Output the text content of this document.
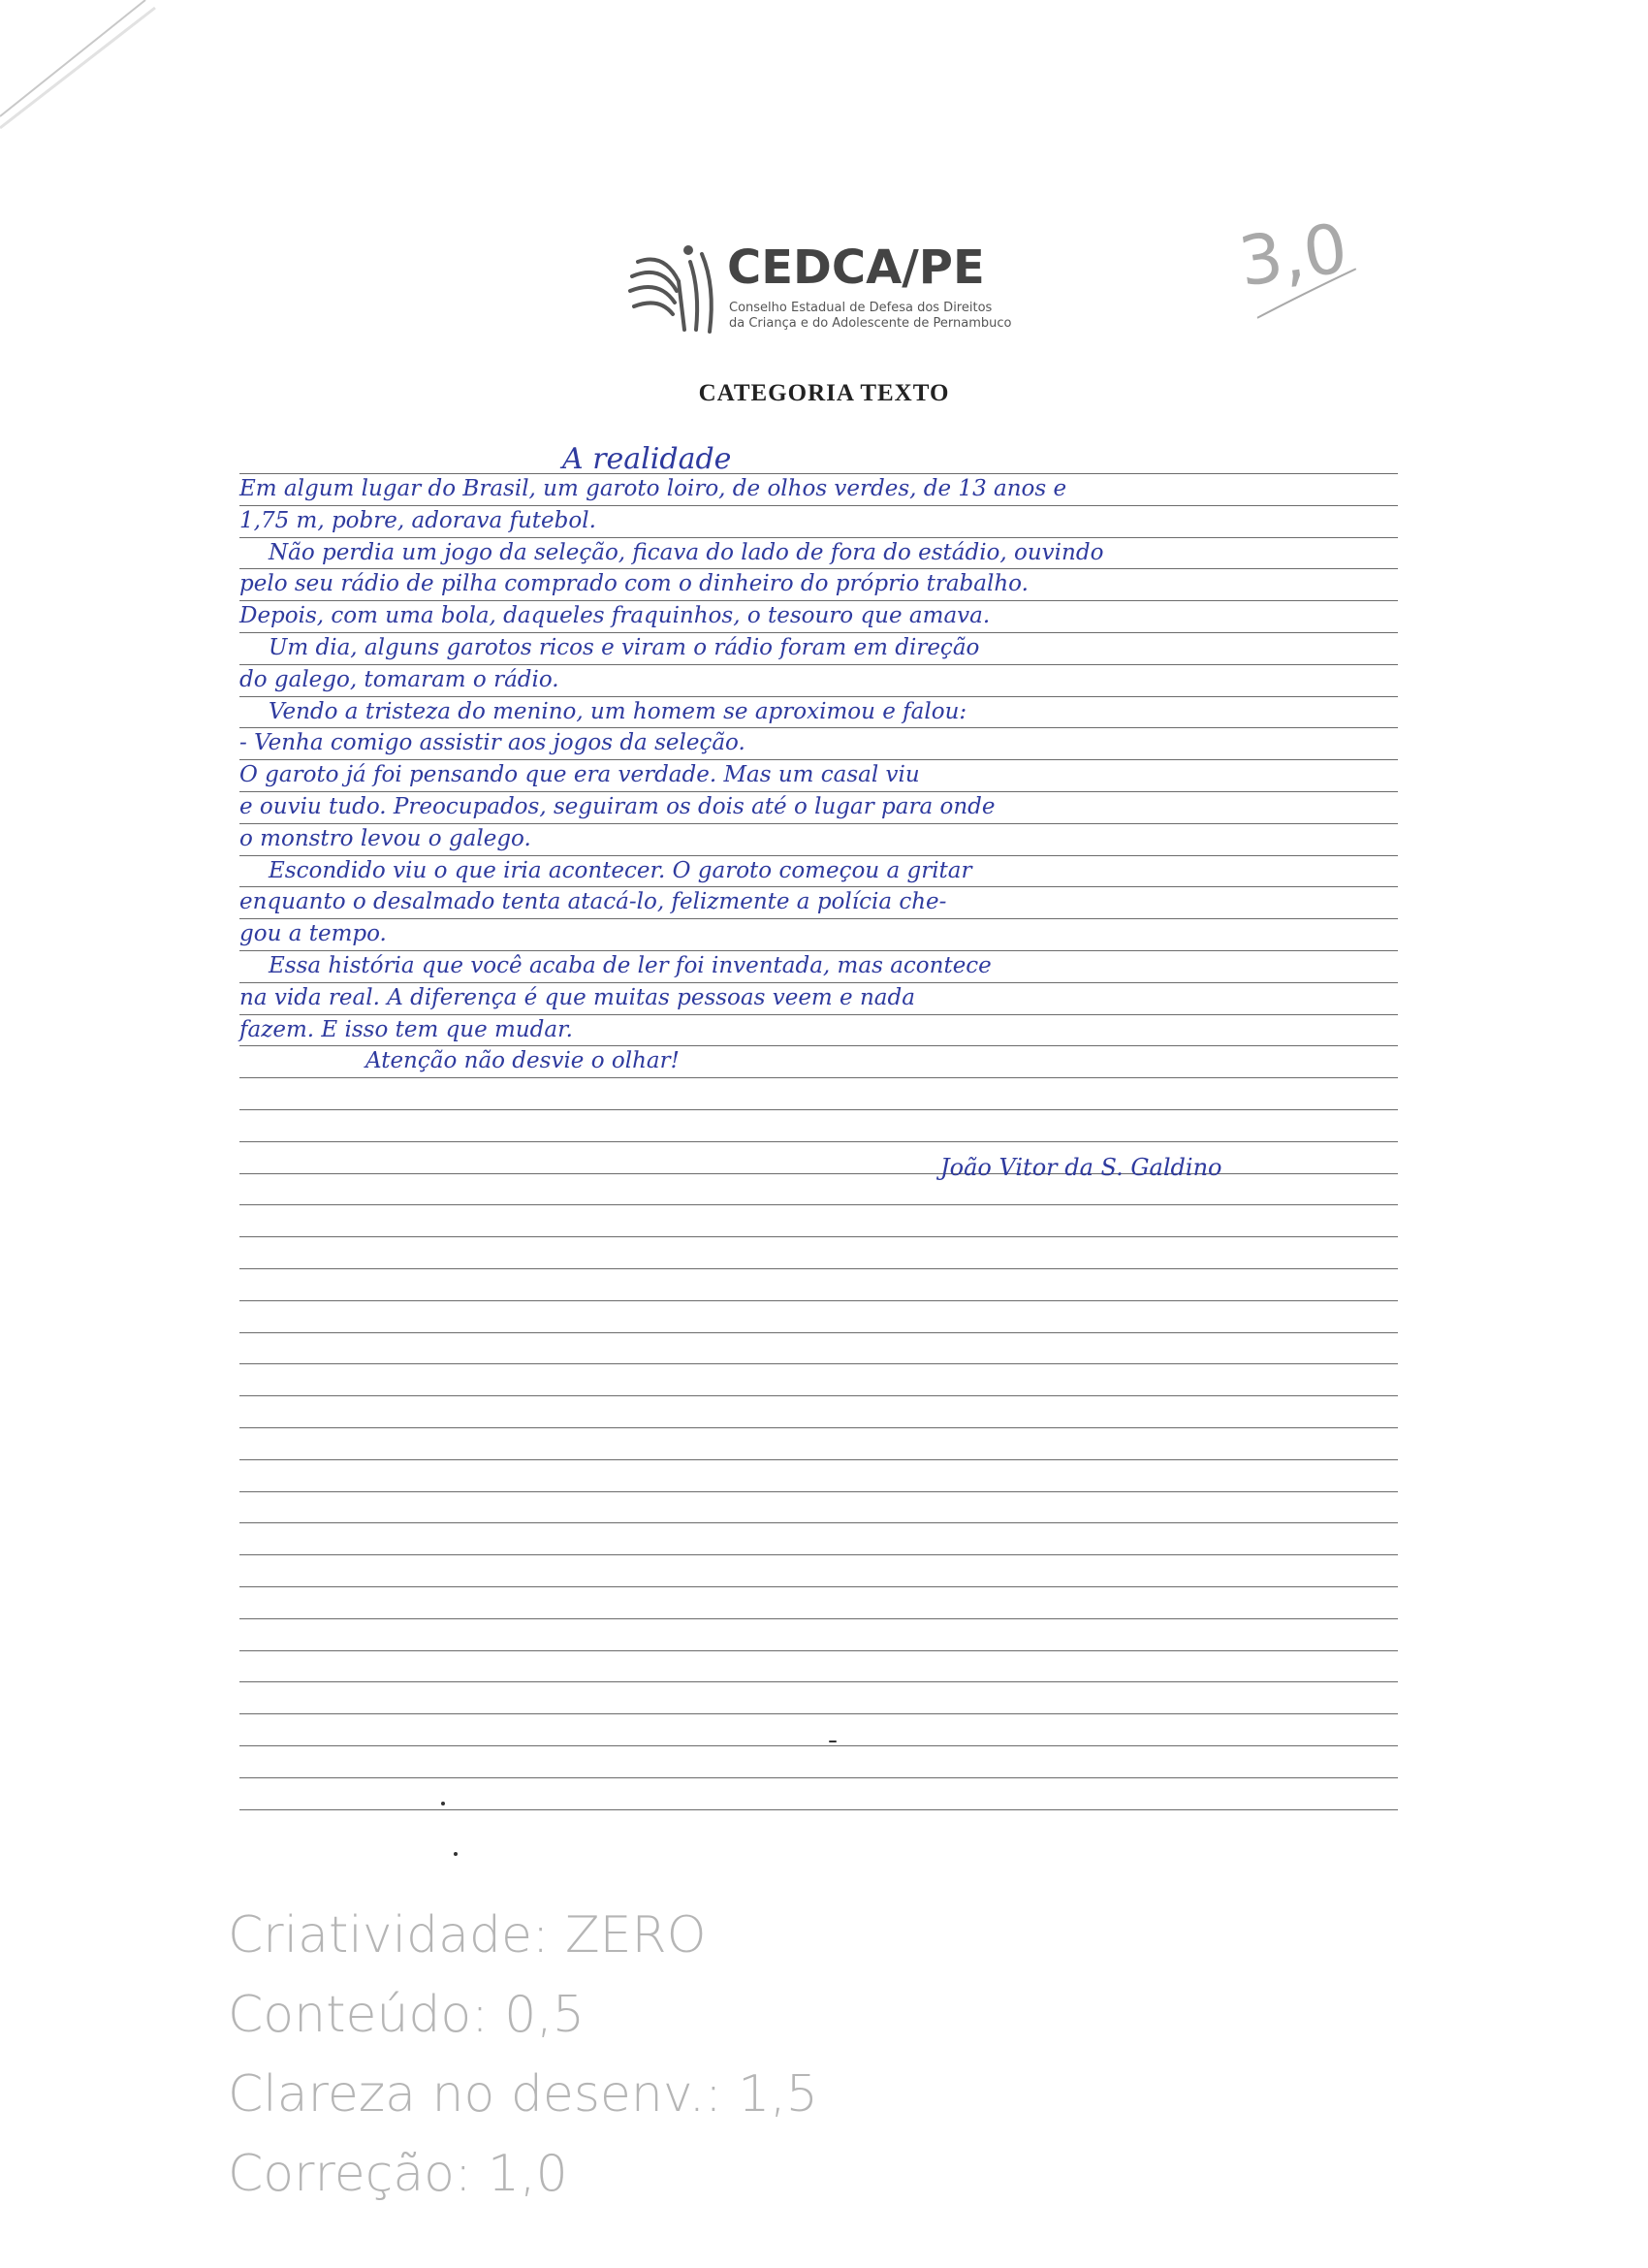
3,0
CEDCA/PE
Conselho Estadual de Defesa dos Direitos
da Criança e do Adolescente de Pernambuco
CATEGORIA TEXTO
A realidade

Em algum lugar do Brasil, um garoto loiro, de olhos verdes, de 13 anos e

1,75 m, pobre, adorava futebol.

Não perdia um jogo da seleção, ficava do lado de fora do estádio, ouvindo

pelo seu rádio de pilha comprado com o dinheiro do próprio trabalho.

Depois, com uma bola, daqueles fraquinhos, o tesouro que amava.

Um dia, alguns garotos ricos e viram o rádio foram em direção

do galego, tomaram o rádio.

Vendo a tristeza do menino, um homem se aproximou e falou:

- Venha comigo assistir aos jogos da seleção.

O garoto já foi pensando que era verdade. Mas um casal viu

e ouviu tudo. Preocupados, seguiram os dois até o lugar para onde

o monstro levou o galego.

Escondido viu o que iria acontecer. O garoto começou a gritar

enquanto o desalmado tenta atacá-lo, felizmente a polícia che-

gou a tempo.

Essa história que você acaba de ler foi inventada, mas acontece

na vida real. A diferença é que muitas pessoas veem e nada

fazem. E isso tem que mudar.

Atenção não desvie o olhar!

João Vitor da S. Galdino
Criatividade: ZERO
Conteúdo: 0,5
Clareza no desenv.: 1,5
Correção: 1,0
